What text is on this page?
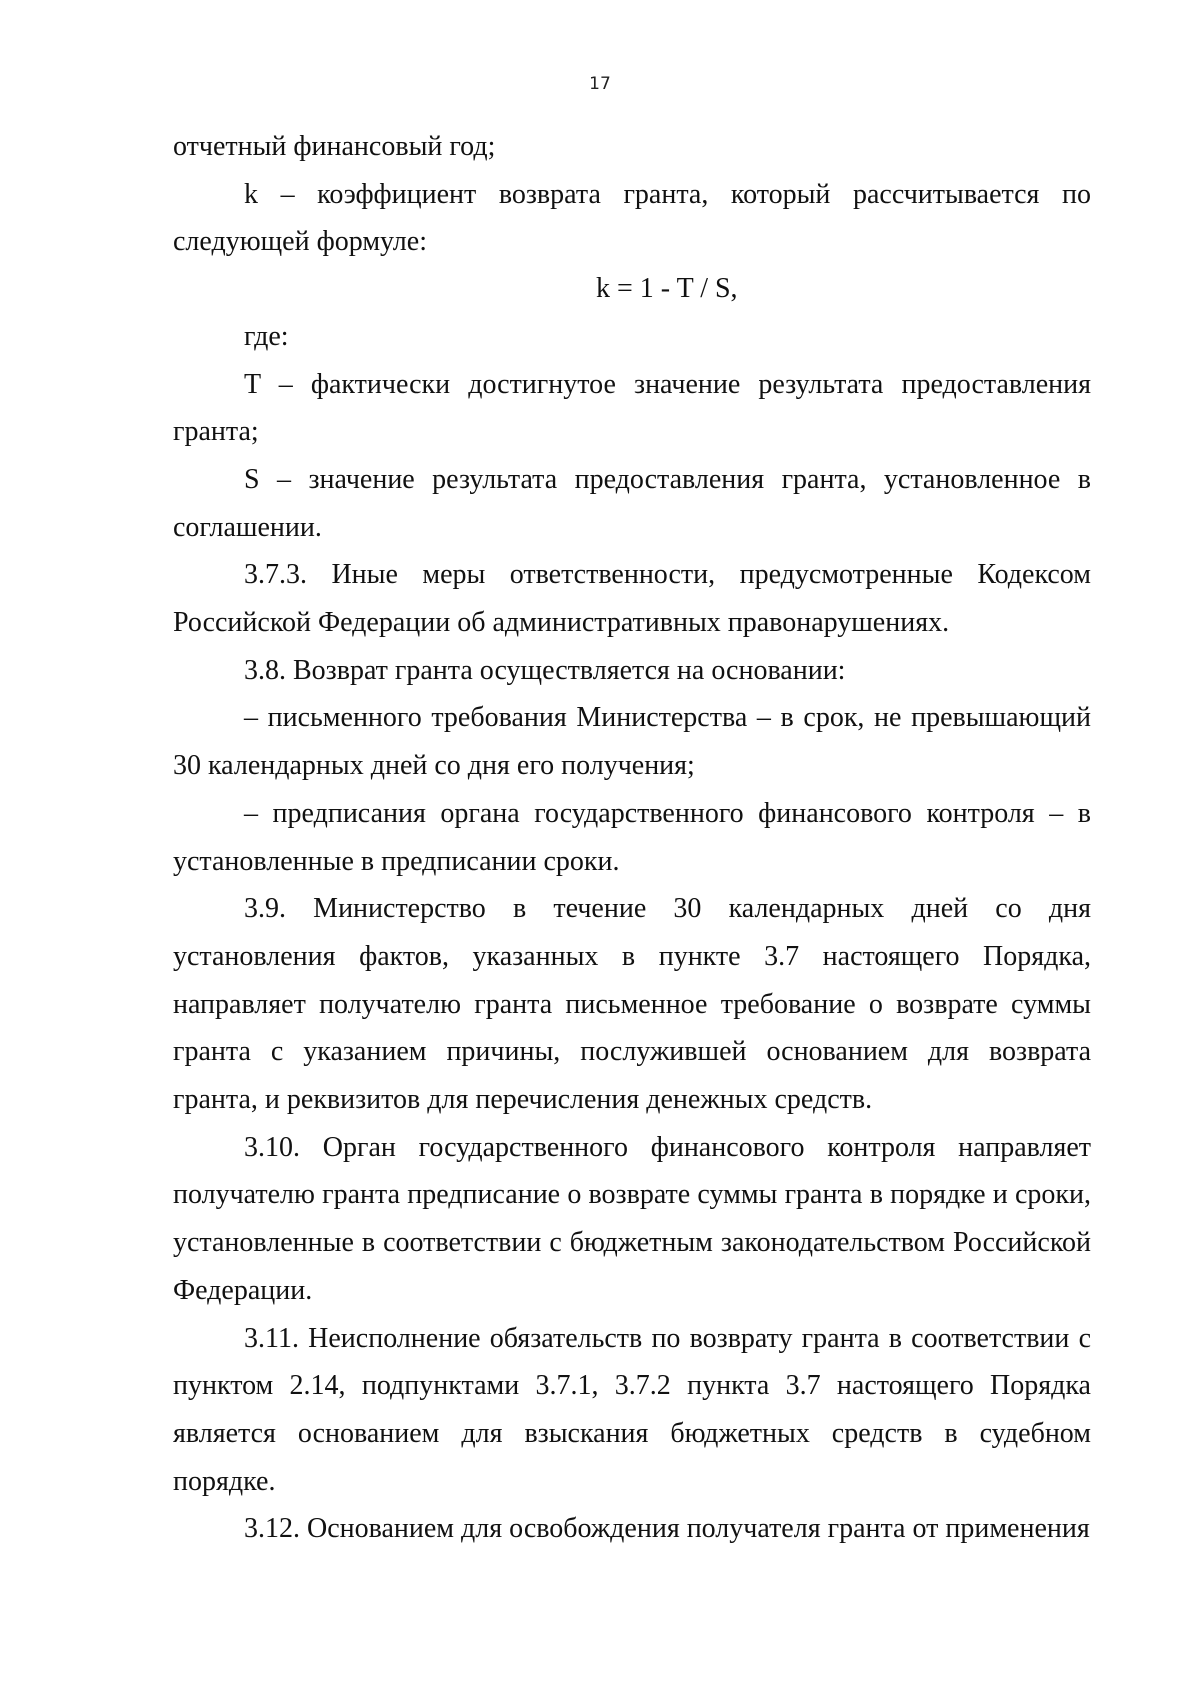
17

отчетный финансовый год;

k – коэффициент возврата гранта, который рассчитывается по следующей формуле:

k = 1 - T / S,

где:

T – фактически достигнутое значение результата предоставления гранта;

S – значение результата предоставления гранта, установленное в соглашении.

3.7.3. Иные меры ответственности, предусмотренные Кодексом Российской Федерации об административных правонарушениях.

3.8. Возврат гранта осуществляется на основании:

– письменного требования Министерства – в срок, не превышающий 30 календарных дней со дня его получения;

– предписания органа государственного финансового контроля – в установленные в предписании сроки.

3.9. Министерство в течение 30 календарных дней со дня установления фактов, указанных в пункте 3.7 настоящего Порядка, направляет получателю гранта письменное требование о возврате суммы гранта с указанием причины, послужившей основанием для возврата гранта, и реквизитов для перечисления денежных средств.

3.10. Орган государственного финансового контроля направляет получателю гранта предписание о возврате суммы гранта в порядке и сроки, установленные в соответствии с бюджетным законодательством Российской Федерации.

3.11. Неисполнение обязательств по возврату гранта в соответствии с пунктом 2.14, подпунктами 3.7.1, 3.7.2 пункта 3.7 настоящего Порядка является основанием для взыскания бюджетных средств в судебном порядке.

3.12. Основанием для освобождения получателя гранта от применения
